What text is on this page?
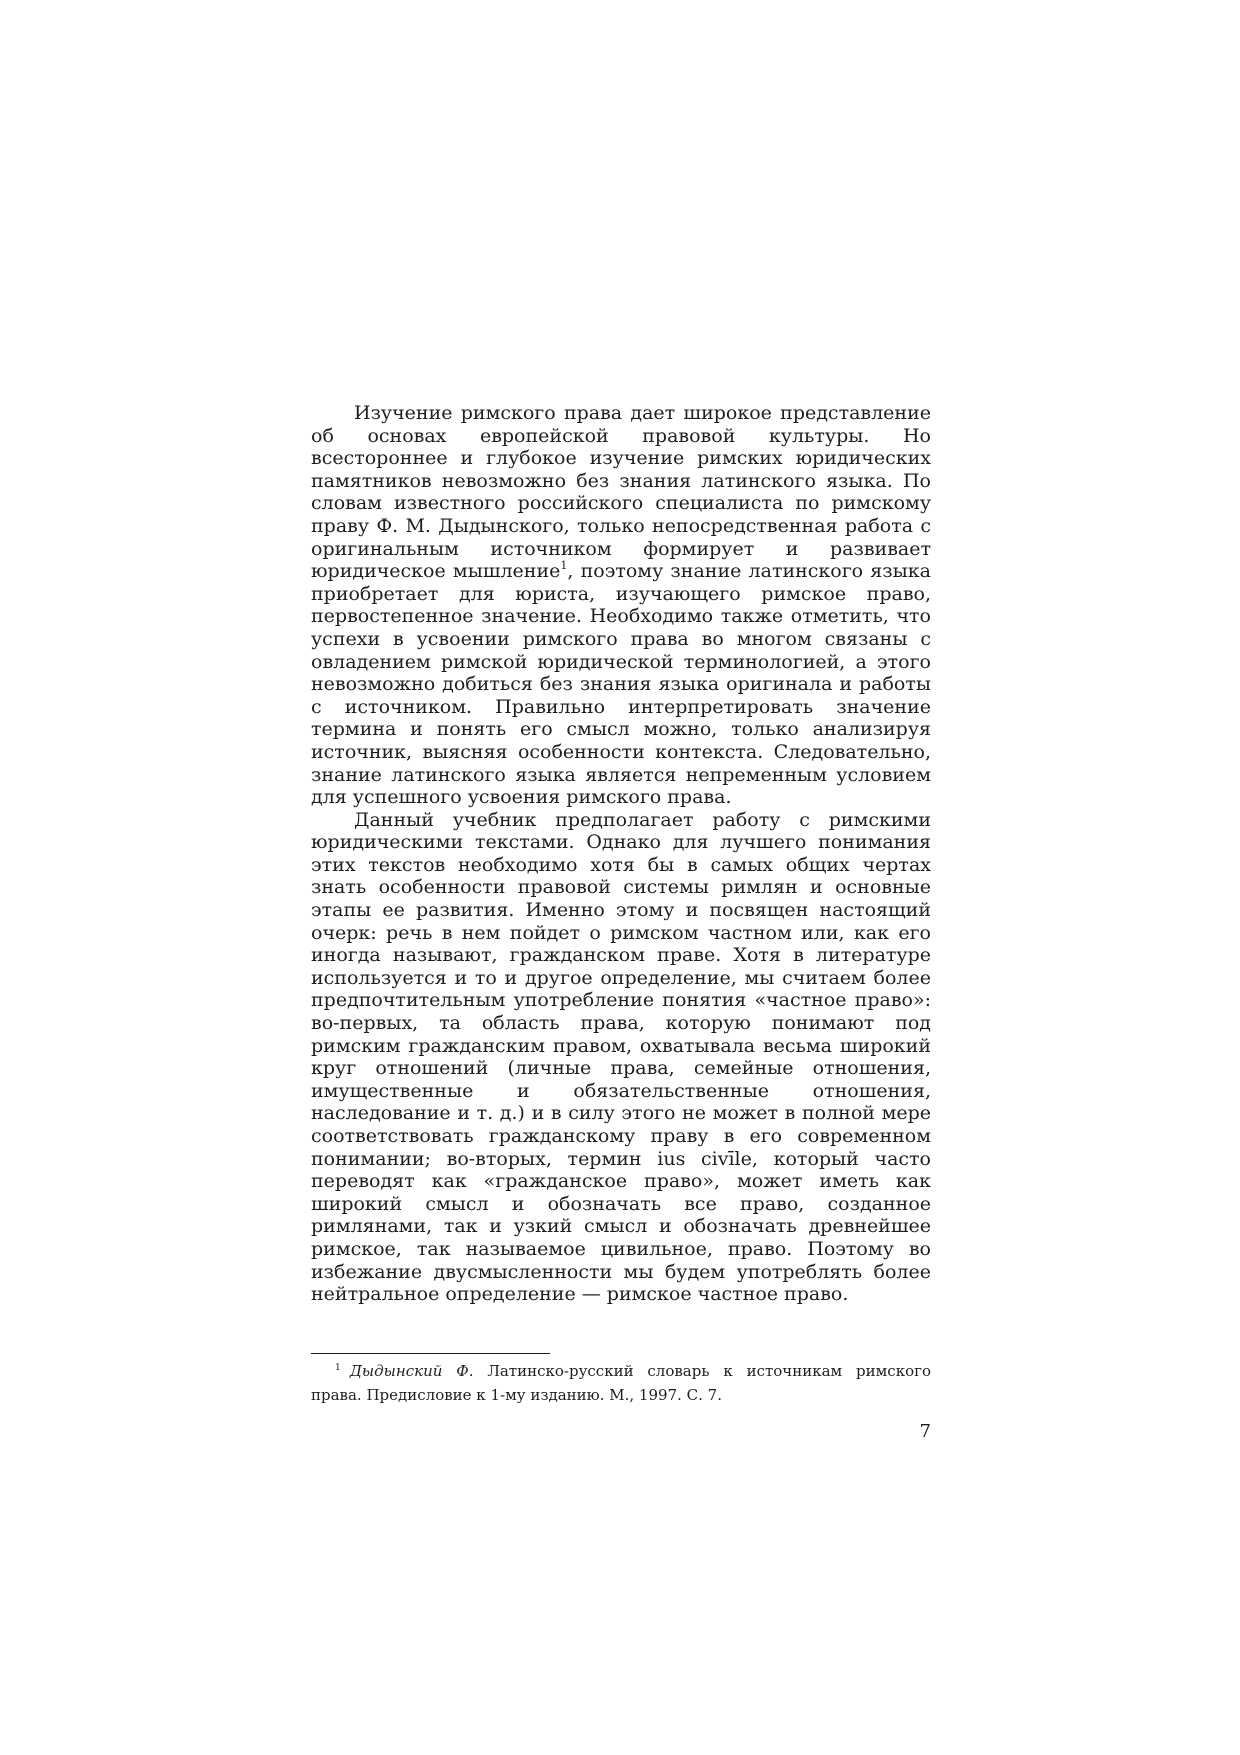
Изучение римского права дает широкое представление об основах европейской правовой культуры. Но всестороннее и глубокое изучение римских юридических памятников невозможно без знания латинского языка. По словам известного российского специалиста по римскому праву Ф. М. Дыдынского, только непосредственная работа с оригинальным источником формирует и развивает юридическое мышление$^1$, поэтому знание латинского языка приобретает для юриста, изучающего римское право, первостепенное значение. Необходимо также отметить, что успехи в усвоении римского права во многом связаны с овладением римской юридической терминологией, а этого невозможно добиться без знания языка оригинала и работы с источником. Правильно интерпретировать значение термина и понять его смысл можно, только анализируя источник, выясняя особенности контекста. Следовательно, знание латинского языка является непременным условием для успешного усвоения римского права.

Данный учебник предполагает работу с римскими юридическими текстами. Однако для лучшего понимания этих текстов необходимо хотя бы в самых общих чертах знать особенности правовой системы римлян и основные этапы ее развития. Именно этому и посвящен настоящий очерк: речь в нем пойдет о римском частном или, как его иногда называют, гражданском праве. Хотя в литературе используется и то и другое определение, мы считаем более предпочтительным употребление понятия «частное право»: во-первых, та область права, которую понимают под римским гражданским правом, охватывала весьма широкий круг отношений (личные права, семейные отношения, имущественные и обязательственные отношения, наследование и т. д.) и в силу этого не может в полной мере соответствовать гражданскому праву в его современном понимании; во-вторых, термин ius civīle, который часто переводят как «гражданское право», может иметь как широкий смысл и обозначать все право, созданное римлянами, так и узкий смысл и обозначать древнейшее римское, так называемое цивильное, право. Поэтому во избежание двусмысленности мы будем употреблять более нейтральное определение — римское частное право.

$^1$ Дыдынский Ф. Латинско-русский словарь к источникам римского права. Предисловие к 1-му изданию. М., 1997. С. 7.

7
